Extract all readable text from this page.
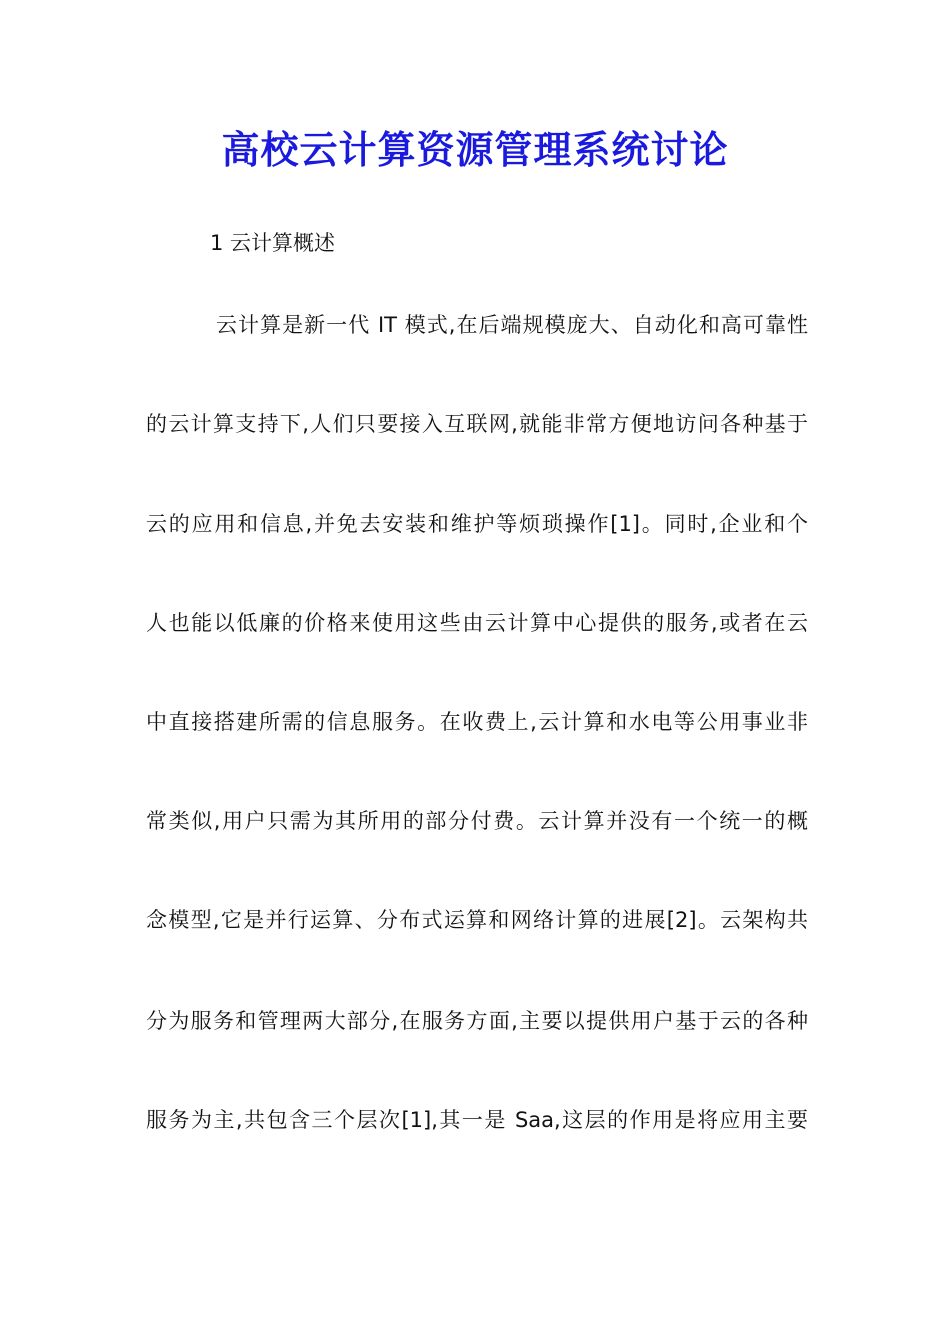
高校云计算资源管理系统讨论
1 云计算概述

云计算是新一代 IT 模式,在后端规模庞大、自动化和高可靠性

的云计算支持下,人们只要接入互联网,就能非常方便地访问各种基于

云的应用和信息,并免去安装和维护等烦琐操作[1]。同时,企业和个

人也能以低廉的价格来使用这些由云计算中心提供的服务,或者在云

中直接搭建所需的信息服务。在收费上,云计算和水电等公用事业非

常类似,用户只需为其所用的部分付费。云计算并没有一个统一的概

念模型,它是并行运算、分布式运算和网络计算的进展[2]。云架构共

分为服务和管理两大部分,在服务方面,主要以提供用户基于云的各种

服务为主,共包含三个层次[1],其一是 Saa,这层的作用是将应用主要
